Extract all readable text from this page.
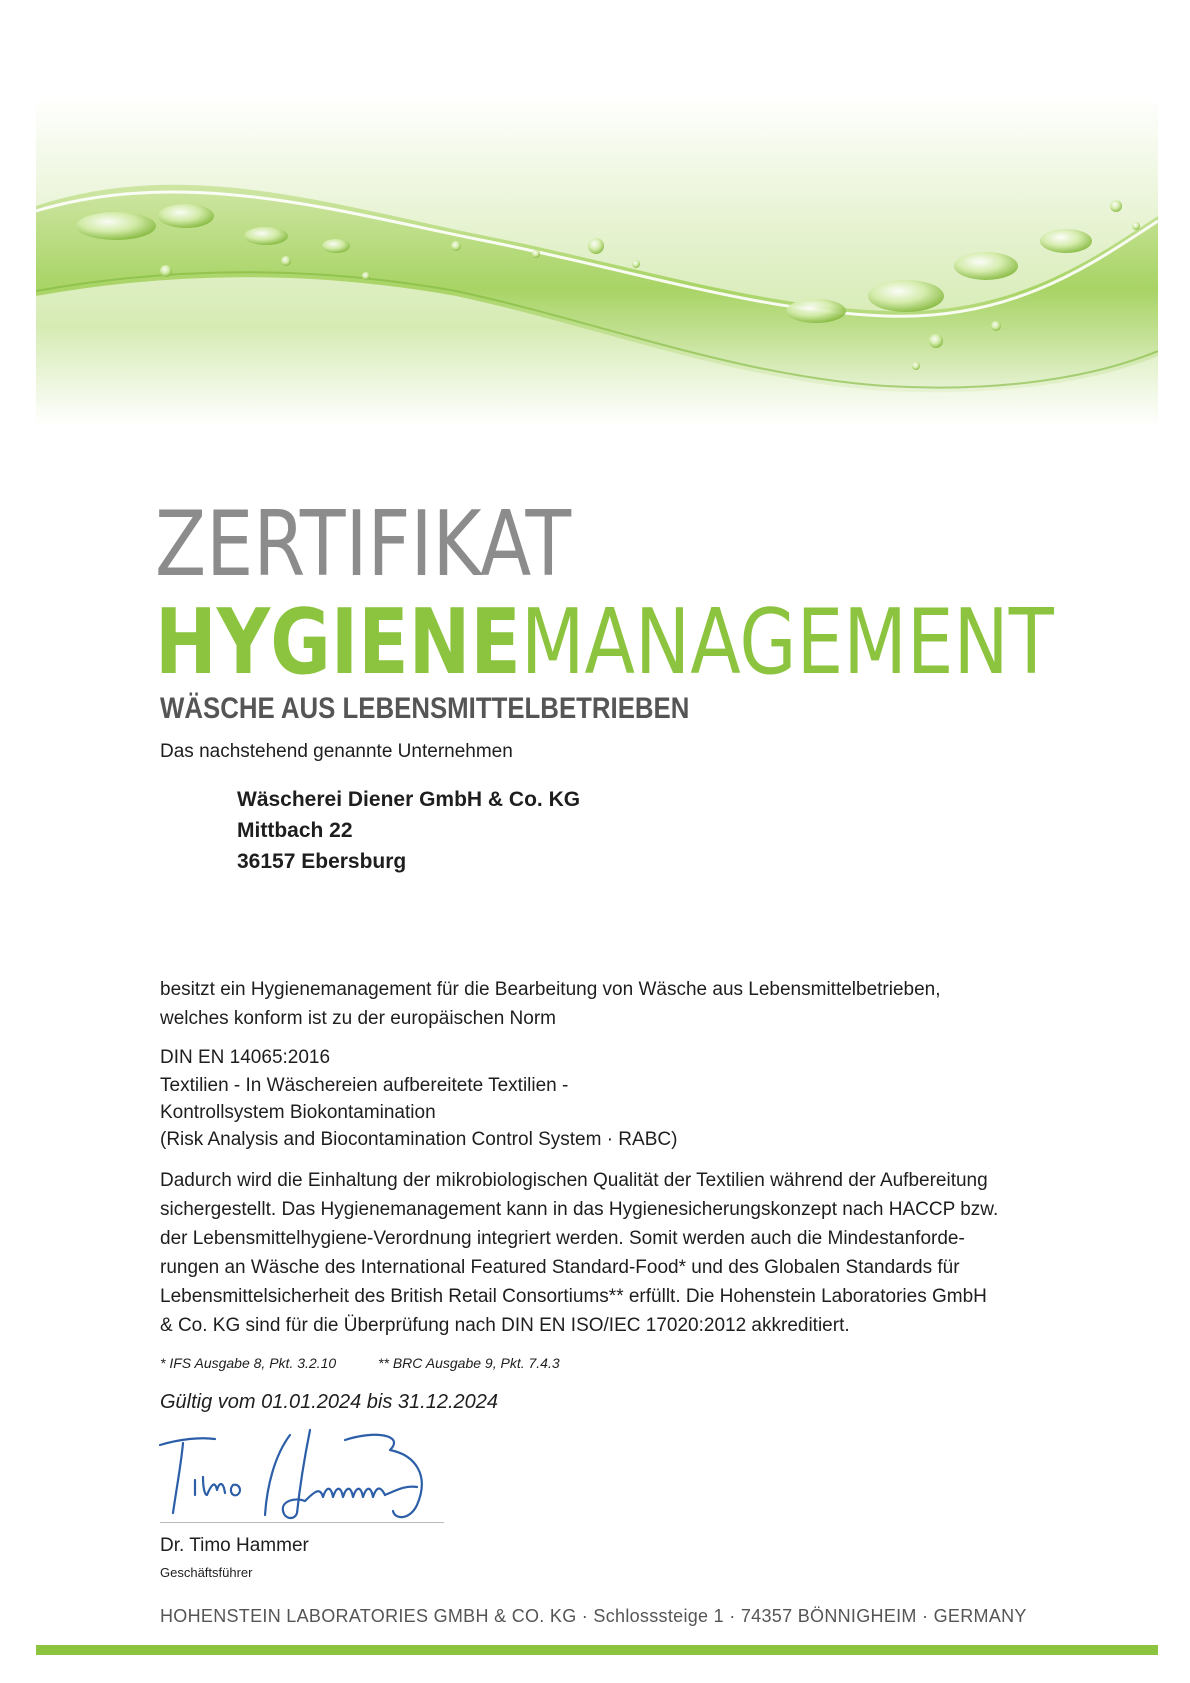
ZERTIFIKAT
HYGIENEMANAGEMENT
WÄSCHE AUS LEBENSMITTELBETRIEBEN
Das nachstehend genannte Unternehmen
Wäscherei Diener GmbH & Co. KG
Mittbach 22
36157 Ebersburg
besitzt ein Hygienemanagement für die Bearbeitung von Wäsche aus Lebensmittelbetrieben,
welches konform ist zu der europäischen Norm
DIN EN 14065:2016
Textilien - In Wäschereien aufbereitete Textilien -
Kontrollsystem Biokontamination
(Risk Analysis and Biocontamination Control System · RABC)
Dadurch wird die Einhaltung der mikrobiologischen Qualität der Textilien während der Aufbereitung
sichergestellt. Das Hygienemanagement kann in das Hygienesicherungskonzept nach HACCP bzw.
der Lebensmittelhygiene-Verordnung integriert werden. Somit werden auch die Mindestanforde-
rungen an Wäsche des International Featured Standard-Food* und des Globalen Standards für
Lebensmittelsicherheit des British Retail Consortiums** erfüllt. Die Hohenstein Laboratories GmbH
& Co. KG sind für die Überprüfung nach DIN EN ISO/IEC 17020:2012 akkreditiert.
* IFS Ausgabe 8, Pkt. 3.2.10	** BRC Ausgabe 9, Pkt. 7.4.3
Gültig vom 01.01.2024 bis 31.12.2024
Dr. Timo Hammer
Geschäftsführer
HOHENSTEIN LABORATORIES GMBH & CO. KG · Schlosssteige 1 · 74357 BÖNNIGHEIM · GERMANY
